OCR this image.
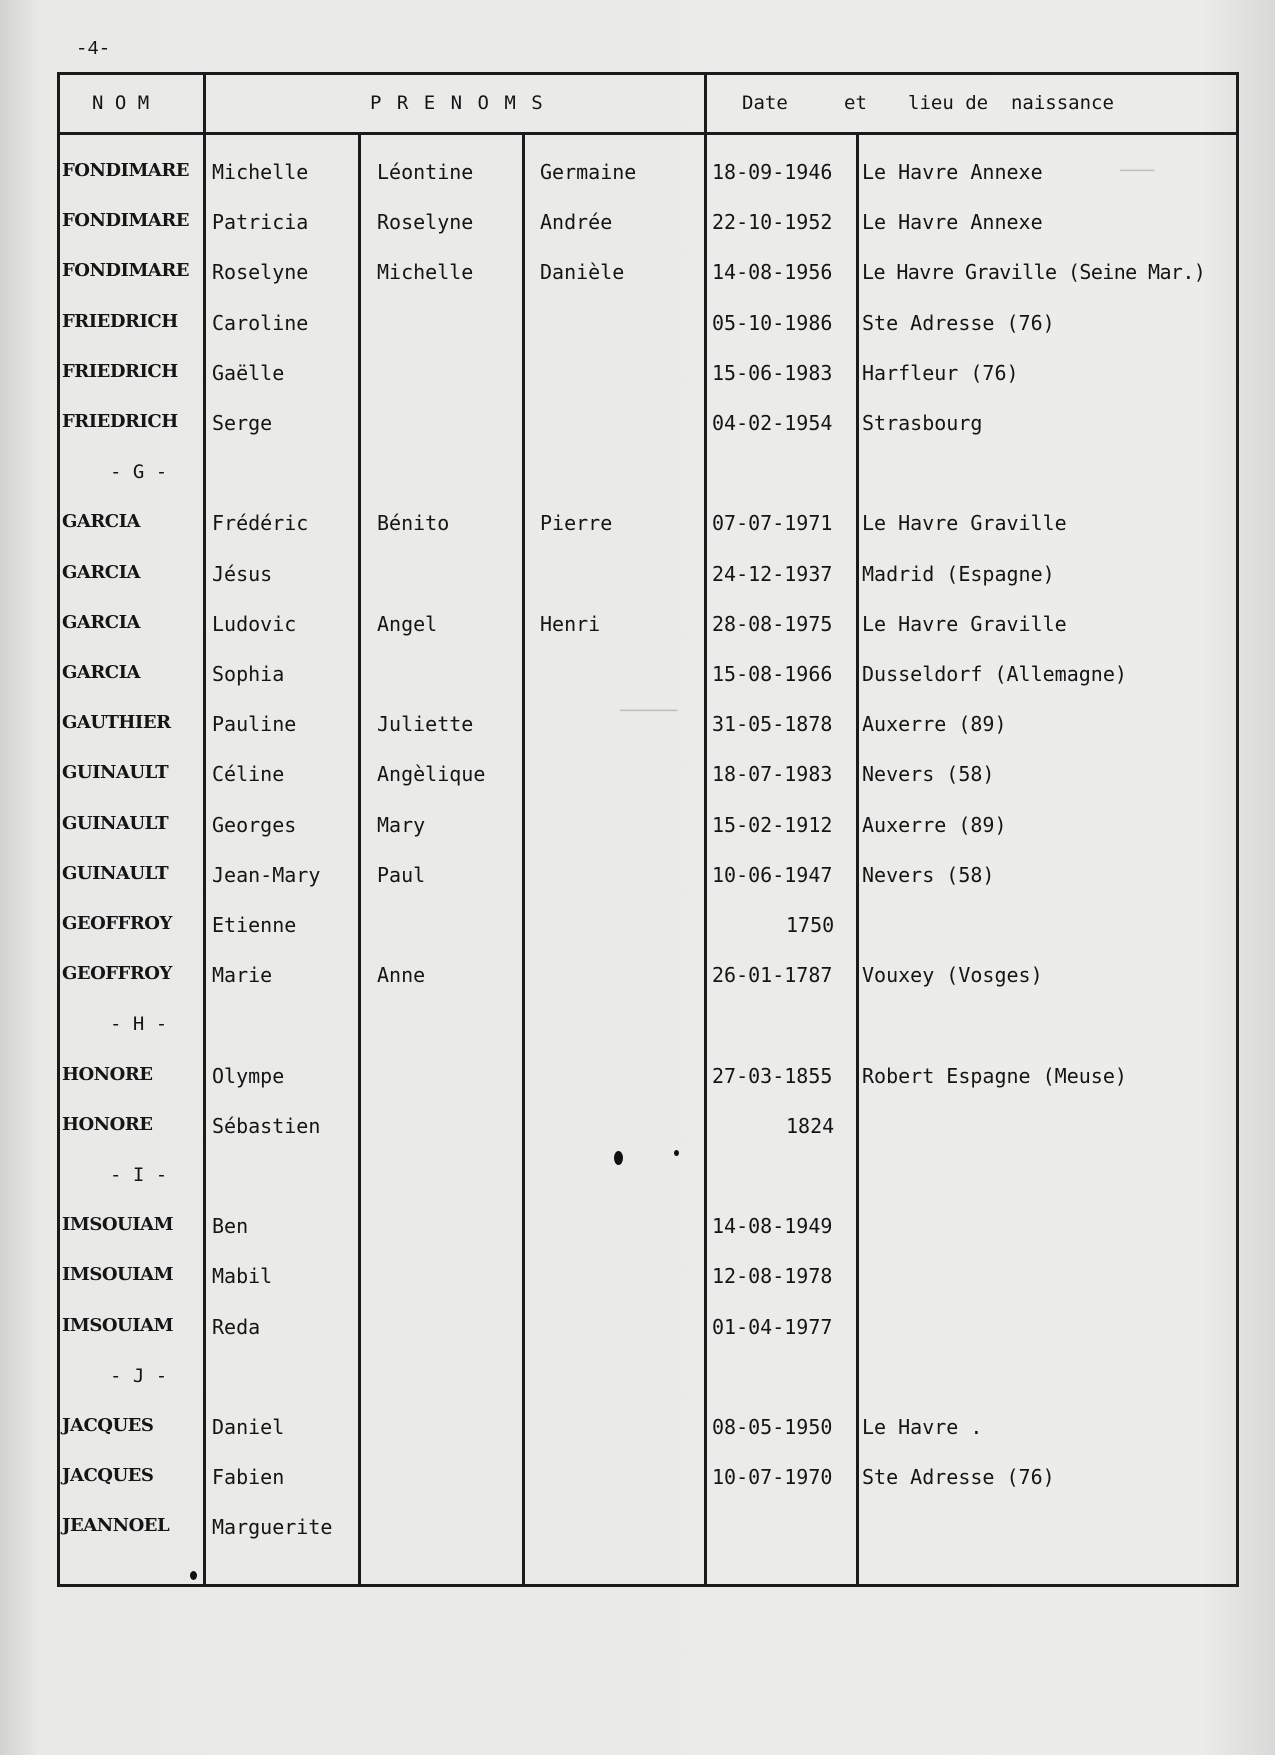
-4-
───
─────
N O M	P R E N O M S	Date	et lieu de  naissance
FONDIMARE Michelle	Léontine	Germaine	18-09-1946 Le Havre Annexe
FONDIMARE Patricia	Roselyne	Andrée	22-10-1952 Le Havre Annexe
FONDIMARE Roselyne	Michelle	Danièle	14-08-1956 Le Havre Graville (Seine Mar.)
FRIEDRICH Caroline	05-10-1986 Ste Adresse (76)
FRIEDRICH Gaëlle	15-06-1983 Harfleur (76)
FRIEDRICH Serge	04-02-1954 Strasbourg
- G -
GARCIA	Frédéric	Bénito	Pierre	07-07-1971 Le Havre Graville
GARCIA	Jésus	24-12-1937 Madrid (Espagne)
GARCIA	Ludovic	Angel	Henri	28-08-1975 Le Havre Graville
GARCIA	Sophia	15-08-1966 Dusseldorf (Allemagne)
GAUTHIER Pauline	Juliette	31-05-1878 Auxerre (89)
GUINAULT Céline	Angèlique	18-07-1983 Nevers (58)
GUINAULT Georges	Mary	15-02-1912 Auxerre (89)
GUINAULT Jean-Mary	Paul	10-06-1947 Nevers (58)
GEOFFROY Etienne	1750
GEOFFROY Marie	Anne	26-01-1787 Vouxey (Vosges)
- H -
HONORE	Olympe	27-03-1855 Robert Espagne (Meuse)
HONORE	Sébastien	1824
- I -
IMSOUIAM Ben	14-08-1949
IMSOUIAM Mabil	12-08-1978
IMSOUIAM Reda	01-04-1977
- J -
JACQUES	Daniel	08-05-1950 Le Havre .
JACQUES	Fabien	10-07-1970 Ste Adresse (76)
JEANNOEL Marguerite
